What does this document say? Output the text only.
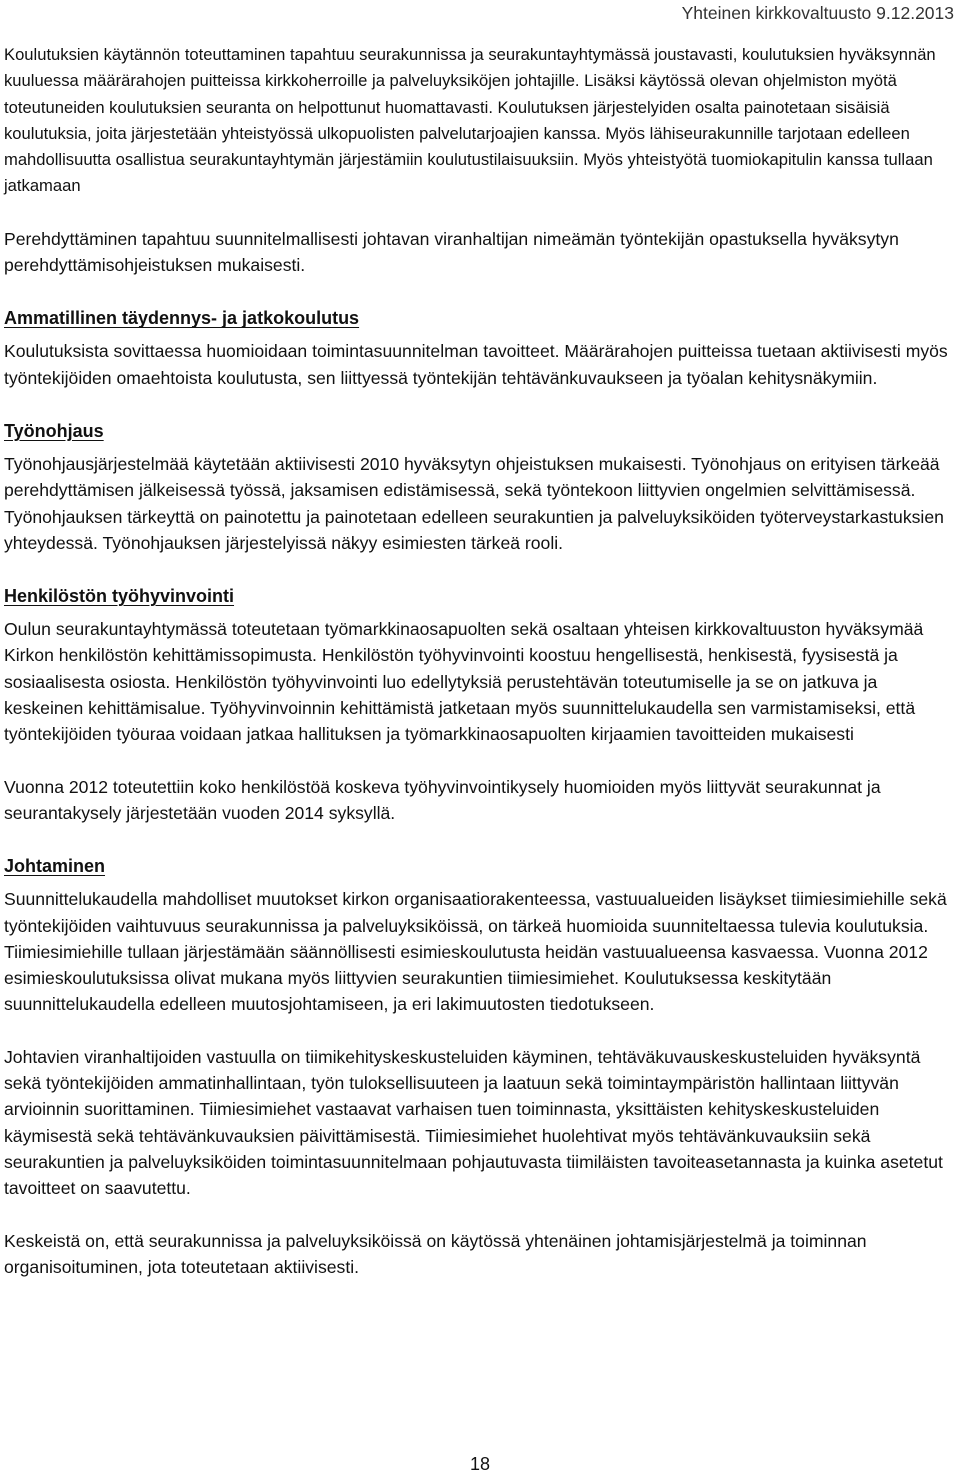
Yhteinen kirkkovaltuusto 9.12.2013

Koulutuksien käytännön toteuttaminen tapahtuu seurakunnissa ja seurakuntayhtymässä joustavasti, koulutuksien hyväksynnän kuuluessa määrärahojen puitteissa kirkkoherroille ja palveluyksiköjen johtajille. Lisäksi käytössä olevan ohjelmiston myötä toteutuneiden koulutuksien seuranta on helpottunut huomattavasti. Koulutuksen järjestelyiden osalta painotetaan sisäisiä koulutuksia, joita järjestetään yhteistyössä ulkopuolisten palvelutarjoajien kanssa. Myös lähiseurakunnille tarjotaan edelleen mahdollisuutta osallistua seurakuntayhtymän järjestämiin koulutustilaisuuksiin. Myös yhteistyötä tuomiokapitulin kanssa tullaan jatkamaan

Perehdyttäminen tapahtuu suunnitelmallisesti johtavan viranhaltijan nimeämän työntekijän opastuksella hyväksytyn perehdyttämisohjeistuksen mukaisesti.

Ammatillinen täydennys- ja jatkokoulutus

Koulutuksista sovittaessa huomioidaan toimintasuunnitelman tavoitteet. Määrärahojen puitteissa tuetaan aktiivisesti myös työntekijöiden omaehtoista koulutusta, sen liittyessä työntekijän tehtävänkuvaukseen ja työalan kehitysnäkymiin.

Työnohjaus

Työnohjausjärjestelmää käytetään aktiivisesti 2010 hyväksytyn ohjeistuksen mukaisesti. Työnohjaus on erityisen tärkeää perehdyttämisen jälkeisessä työssä, jaksamisen edistämisessä, sekä työntekoon liittyvien ongelmien selvittämisessä. Työnohjauksen tärkeyttä on painotettu ja painotetaan edelleen seurakuntien ja palveluyksiköiden työterveystarkastuksien yhteydessä. Työnohjauksen järjestelyissä näkyy esimiesten tärkeä rooli.

Henkilöstön työhyvinvointi

Oulun seurakuntayhtymässä toteutetaan työmarkkinaosapuolten sekä osaltaan yhteisen kirkkovaltuuston hyväksymää Kirkon henkilöstön kehittämissopimusta. Henkilöstön työhyvinvointi koostuu hengellisestä, henkisestä, fyysisestä ja sosiaalisesta osiosta. Henkilöstön työhyvinvointi luo edellytyksiä perustehtävän toteutumiselle ja se on jatkuva ja keskeinen kehittämisalue. Työhyvinvoinnin kehittämistä jatketaan myös suunnittelukaudella sen varmistamiseksi, että työntekijöiden työuraa voidaan jatkaa hallituksen ja työmarkkinaosapuolten kirjaamien tavoitteiden mukaisesti

Vuonna 2012 toteutettiin koko henkilöstöä koskeva työhyvinvointikysely huomioiden myös liittyvät seurakunnat ja seurantakysely järjestetään vuoden 2014 syksyllä.

Johtaminen

Suunnittelukaudella mahdolliset muutokset kirkon organisaatiorakenteessa, vastuualueiden lisäykset tiimiesimiehille sekä työntekijöiden vaihtuvuus seurakunnissa ja palveluyksiköissä, on tärkeä huomioida suunniteltaessa tulevia koulutuksia. Tiimiesimiehille tullaan järjestämään säännöllisesti esimieskoulutusta heidän vastuualueensa kasvaessa. Vuonna 2012 esimieskoulutuksissa olivat mukana myös liittyvien seurakuntien tiimiesimiehet. Koulutuksessa keskitytään suunnittelukaudella edelleen muutosjohtamiseen, ja eri lakimuutosten tiedotukseen.

Johtavien viranhaltijoiden vastuulla on tiimikehityskeskusteluiden käyminen, tehtäväkuvauskeskusteluiden hyväksyntä sekä työntekijöiden ammatinhallintaan, työn tuloksellisuuteen ja laatuun sekä toimintaympäristön hallintaan liittyvän arvioinnin suorittaminen. Tiimiesimiehet vastaavat varhaisen tuen toiminnasta, yksittäisten kehityskeskusteluiden käymisestä sekä tehtävänkuvauksien päivittämisestä. Tiimiesimiehet huolehtivat myös tehtävänkuvauksiin sekä seurakuntien ja palveluyksiköiden toimintasuunnitelmaan pohjautuvasta tiimiläisten tavoiteasetannasta ja kuinka asetetut tavoitteet on saavutettu.

Keskeistä on, että seurakunnissa ja palveluyksiköissä on käytössä yhtenäinen johtamisjärjestelmä ja toiminnan organisoituminen, jota toteutetaan aktiivisesti.

18
